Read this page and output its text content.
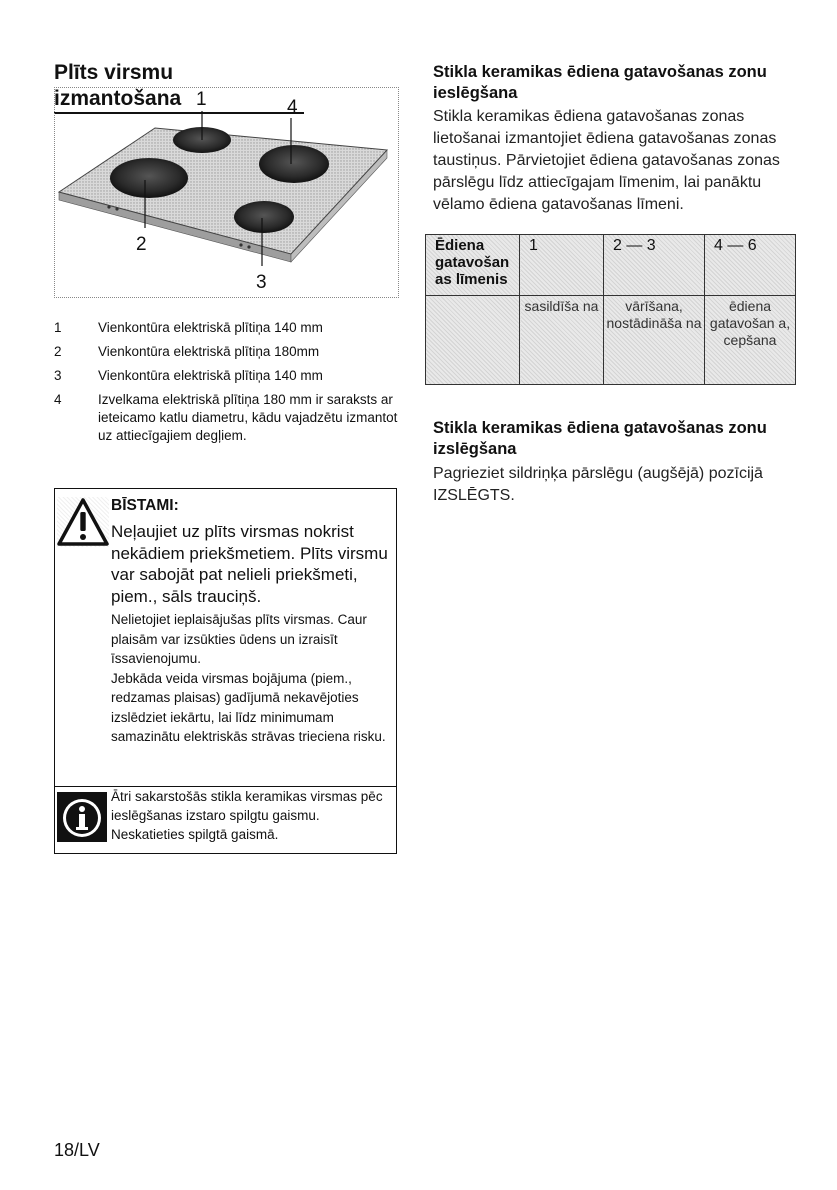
Plīts virsmu izmantošana 1	4
2
3
1	Vienkontūra elektriskā plītiņa 140 mm
2	Vienkontūra elektriskā plītiņa 180mm
3	Vienkontūra elektriskā plītiņa 140 mm
4	Izvelkama elektriskā plītiņa 180 mm ir saraksts ar ieteicamo katlu diametru, kādu vajadzētu izmantot uz attiecīgajiem degļiem.
BĪSTAMI:

Neļaujiet uz plīts virsmas nokrist nekādiem priekšmetiem. Plīts virsmu var sabojāt pat nelieli priekšmeti, piem., sāls trauciņš.

Nelietojiet ieplaisājušas plīts virsmas. Caur plaisām var izsūkties ūdens un izraisīt īssavienojumu.

Jebkāda veida virsmas bojājuma (piem., redzamas plaisas) gadījumā nekavējoties izslēdziet iekārtu, lai līdz minimumam samazinātu elektriskās strāvas trieciena risku.

Ātri sakarstošās stikla keramikas virsmas pēc ieslēgšanas izstaro spilgtu gaismu. Neskatieties spilgtā gaismā.
Stikla keramikas ēdiena gatavošanas zonu ieslēgšana
Stikla keramikas ēdiena gatavošanas zonas lietošanai izmantojiet ēdiena gatavošanas zonas taustiņus. Pārvietojiet ēdiena gatavošanas zonas pārslēgu līdz attiecīgajam līmenim, lai panāktu vēlamo ēdiena gatavošanas līmeni.
Ēdiena gatavošan as līmenis	1	2 — 3	4 — 6
	sasildīša na	vārīšana, nostādināša na	ēdiena gatavošan a, cepšana
Stikla keramikas ēdiena gatavošanas zonu izslēgšana
Pagrieziet sildriņķa pārslēgu (augšējā) pozīcijā IZSLĒGTS.
18/LV
